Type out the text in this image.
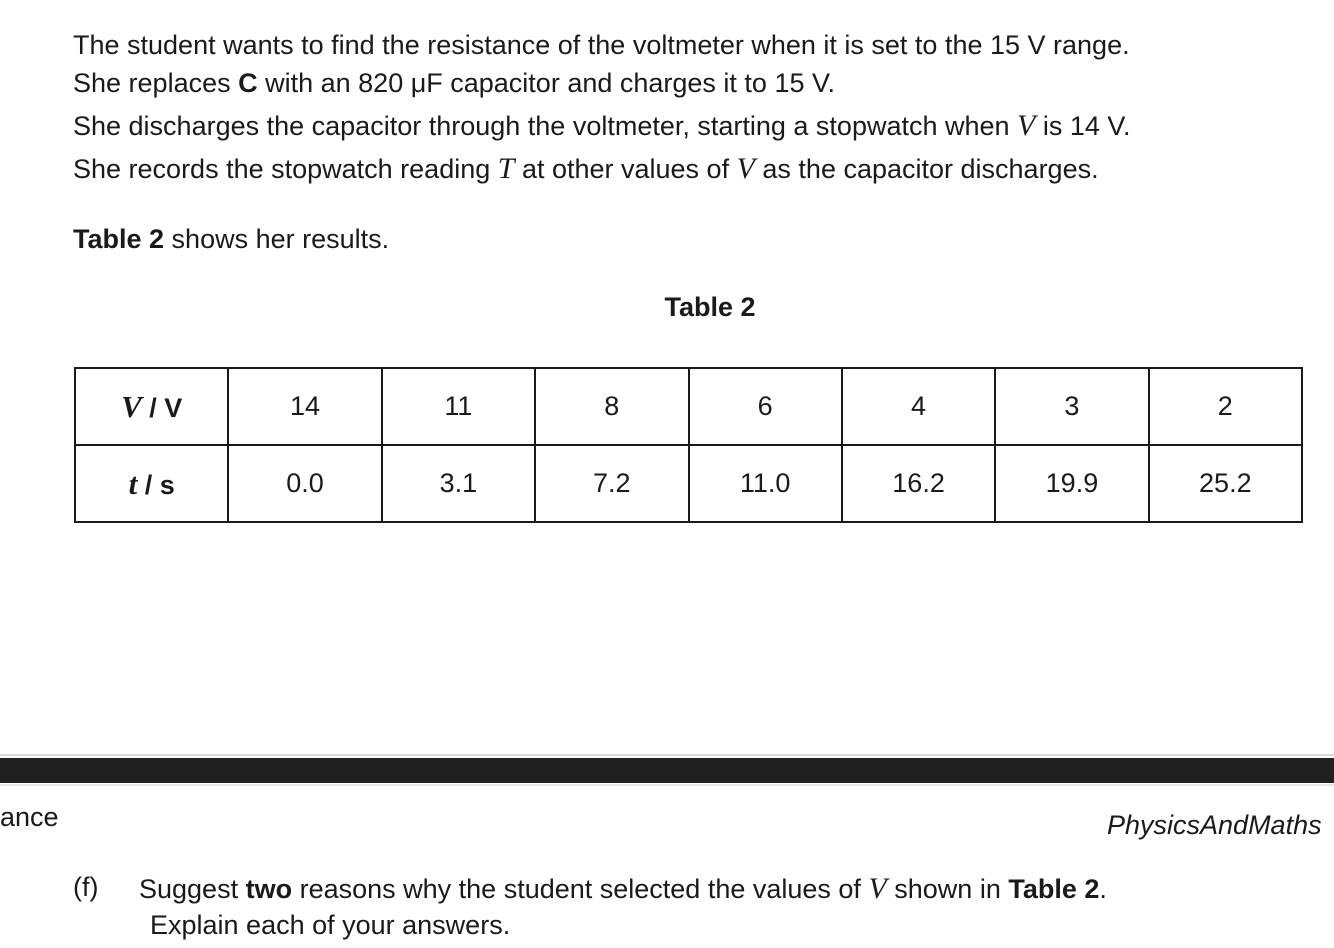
The student wants to find the resistance of the voltmeter when it is set to the 15 V range.
She replaces C with an 820 μF capacitor and charges it to 15 V.
She discharges the capacitor through the voltmeter, starting a stopwatch when V is 14 V.
She records the stopwatch reading T at other values of V as the capacitor discharges.
Table 2 shows her results.
Table 2
V / V	14	11	8	6	4	3	2
t / s	0.0	3.1	7.2	11.0	16.2	19.9	25.2
ance	PhysicsAndMaths
(f) Suggest two reasons why the student selected the values of V shown in Table 2.
Explain each of your answers.
